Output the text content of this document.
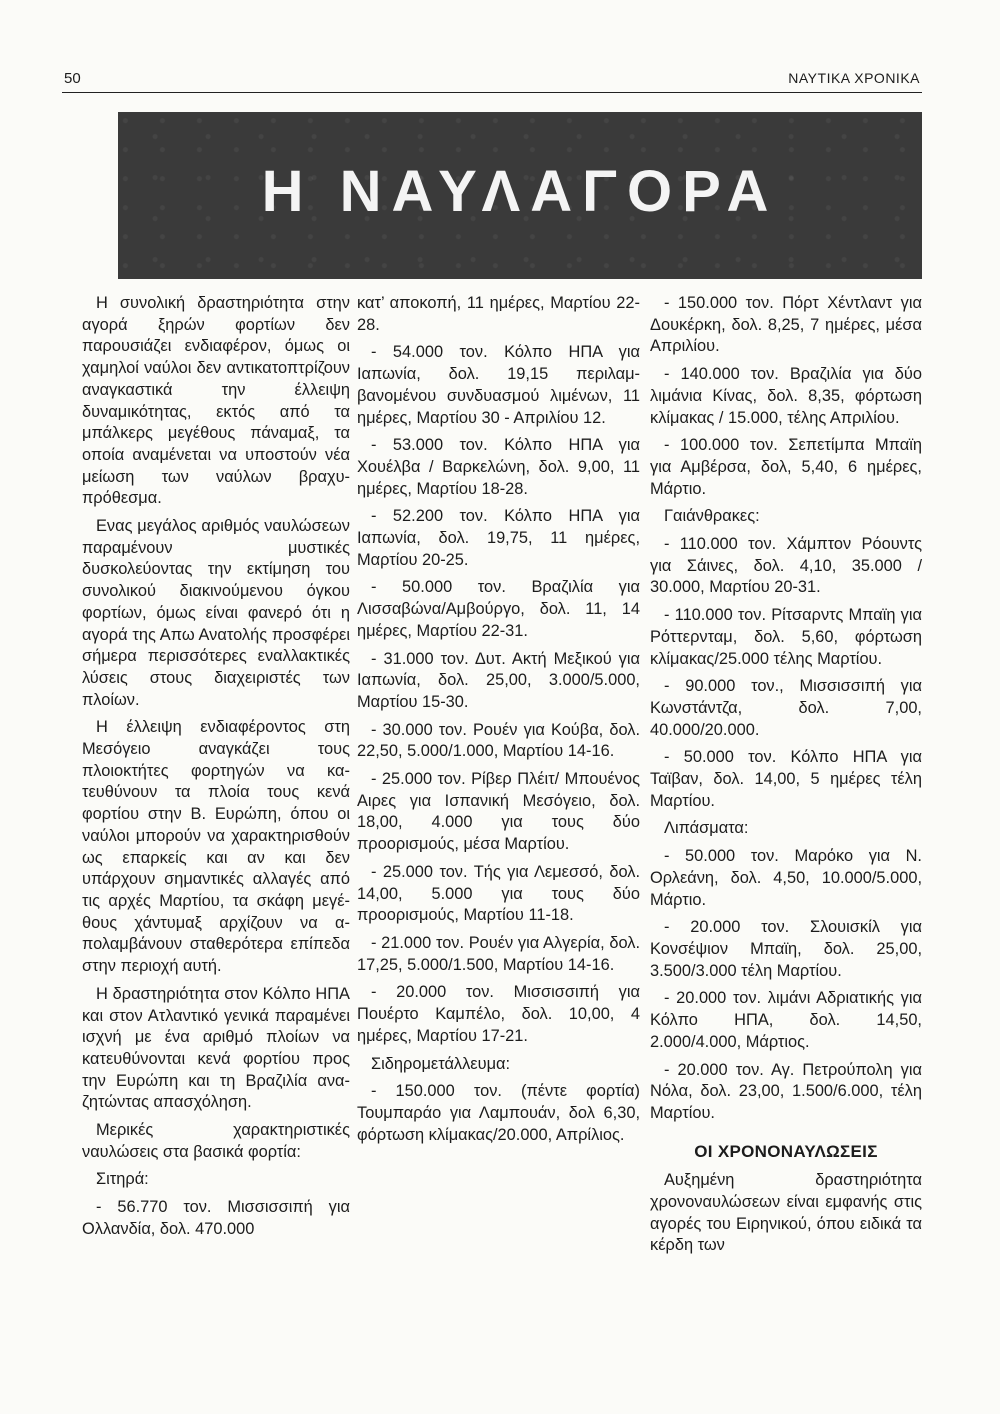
50	ΝΑΥΤΙΚΑ ΧΡΟΝΙΚΑ
Η ΝΑΥΛΑΓΟΡΑ

Η συνολική δραστηριότητα στην αγορά ξηρών φορτίων δεν παρουσιάζει ενδιαφέρον, όμως οι χαμηλοί ναύλοι δεν αντικατοπτρίζουν αναγκαστικά την έλλειψη δυναμικότητας, εκτός από τα μπάλκερς μεγέθους πάναμαξ, τα οποία αναμένεται να υποστούν νέα μείωση των ναύλων βραχυπρόθεσμα.

Ενας μεγάλος αριθμός ναυλώσεων παραμένουν μυστικές δυσκολεύοντας την εκτίμηση του συνολικού διακινούμενου όγκου φορτίων, όμως είναι φανερό ότι η αγορά της Απω Ανατολής προσφέρει σήμερα περισσότερες εναλλακτικές λύσεις στους διαχειριστές των πλοίων.

Η έλλειψη ενδιαφέροντος στη Μεσόγειο αναγκάζει τους πλοιοκτήτες φορτηγών να κατευθύνουν τα πλοία τους κενά φορτίου στην Β. Ευρώπη, όπου οι ναύλοι μπορούν να χαρακτηρισθούν ως επαρκείς και αν και δεν υπάρχουν σημαντικές αλλαγές από τις αρχές Μαρτίου, τα σκάφη μεγέθους χάντυμαξ αρχίζουν να απολαμβάνουν σταθερότερα επίπεδα στην περιοχή αυτή.

Η δραστηριότητα στον Κόλπο ΗΠΑ και στον Ατλαντικό γενικά παραμένει ισχνή με ένα αριθμό πλοίων να κατευθύνονται κενά φορτίου προς την Ευρώπη και τη Βραζιλία αναζητώντας απασχόληση.

Μερικές χαρακτηριστικές ναυλώσεις στα βασικά φορτία:

Σιτηρά:

- 56.770 τον. Μισσισσιπή για Ολλανδία, δολ. 470.000

κατ’ αποκοπή, 11 ημέρες, Μαρτίου 22-28.

- 54.000 τον. Κόλπο ΗΠΑ για Ιαπωνία, δολ. 19,15 περιλαμβανομένου συνδυασμού λιμένων, 11 ημέρες, Μαρτίου 30 - Απριλίου 12.

- 53.000 τον. Κόλπο ΗΠΑ για Χουέλβα / Βαρκελώνη, δολ. 9,00, 11 ημέρες, Μαρτίου 18-28.

- 52.200 τον. Κόλπο ΗΠΑ για Ιαπωνία, δολ. 19,75, 11 ημέρες, Μαρτίου 20-25.

- 50.000 τον. Βραζιλία για Λισσαβώνα/Αμβούργο, δολ. 11, 14 ημέρες, Μαρτίου 22-31.

- 31.000 τον. Δυτ. Ακτή Μεξικού για Ιαπωνία, δολ. 25,00, 3.000/5.000, Μαρτίου 15-30.

- 30.000 τον. Ρουέν για Κούβα, δολ. 22,50, 5.000/1.000, Μαρτίου 14-16.

- 25.000 τον. Ρίβερ Πλέιτ/ Μπουένος Αιρες για Ισπανική Μεσόγειο, δολ. 18,00, 4.000 για τους δύο προορισμούς, μέσα Μαρτίου.

- 25.000 τον. Τής για Λεμεσσό, δολ. 14,00, 5.000 για τους δύο προορισμούς, Μαρτίου 11-18.

- 21.000 τον. Ρουέν για Αλγερία, δολ. 17,25, 5.000/1.500, Μαρτίου 14-16.

- 20.000 τον. Μισσισσιπή για Πουέρτο Καμπέλο, δολ. 10,00, 4 ημέρες, Μαρτίου 17-21.

Σιδηρομετάλλευμα:

- 150.000 τον. (πέντε φορτία) Τουμπαράο για Λαμπουάν, δολ 6,30, φόρτωση κλίμακας/20.000, Απρίλιος.

- 150.000 τον. Πόρτ Χέντλαντ για Δουκέρκη, δολ. 8,25, 7 ημέρες, μέσα Απριλίου.

- 140.000 τον. Βραζιλία για δύο λιμάνια Κίνας, δολ. 8,35, φόρτωση κλίμακας / 15.000, τέλης Απριλίου.

- 100.000 τον. Σεπετίμπα Μπαϊη για Αμβέρσα, δολ, 5,40, 6 ημέρες, Μάρτιο.

Γαιάνθρακες:

- 110.000 τον. Χάμπτον Ρόουντς για Σάινες, δολ. 4,10, 35.000 / 30.000, Μαρτίου 20-31.

- 110.000 τον. Ρίτσαρντς Μπαϊη για Ρόττερνταμ, δολ. 5,60, φόρτωση κλίμακας/25.000 τέλης Μαρτίου.

- 90.000 τον., Μισσισσιπή για Κωνστάντζα, δολ. 7,00, 40.000/20.000.

- 50.000 τον. Κόλπο ΗΠΑ για Ταϊβαν, δολ. 14,00, 5 ημέρες τέλη Μαρτίου.

Λιπάσματα:

- 50.000 τον. Μαρόκο για Ν. Ορλεάνη, δολ. 4,50, 10.000/5.000, Μάρτιο.

- 20.000 τον. Σλουισκίλ για Κονσέψιον Μπαϊη, δολ. 25,00, 3.500/3.000 τέλη Μαρτίου.

- 20.000 τον. λιμάνι Αδριατικής για Κόλπο ΗΠΑ, δολ. 14,50, 2.000/4.000, Μάρτιος.

- 20.000 τον. Αγ. Πετρούπολη για Νόλα, δολ. 23,00, 1.500/6.000, τέλη Μαρτίου.

ΟΙ ΧΡΟΝΟΝΑΥΛΩΣΕΙΣ

Αυξημένη δραστηριότητα χρονοναυλώσεων είναι εμφανής στις αγορές του Ειρηνικού, όπου ειδικά τα κέρδη των
